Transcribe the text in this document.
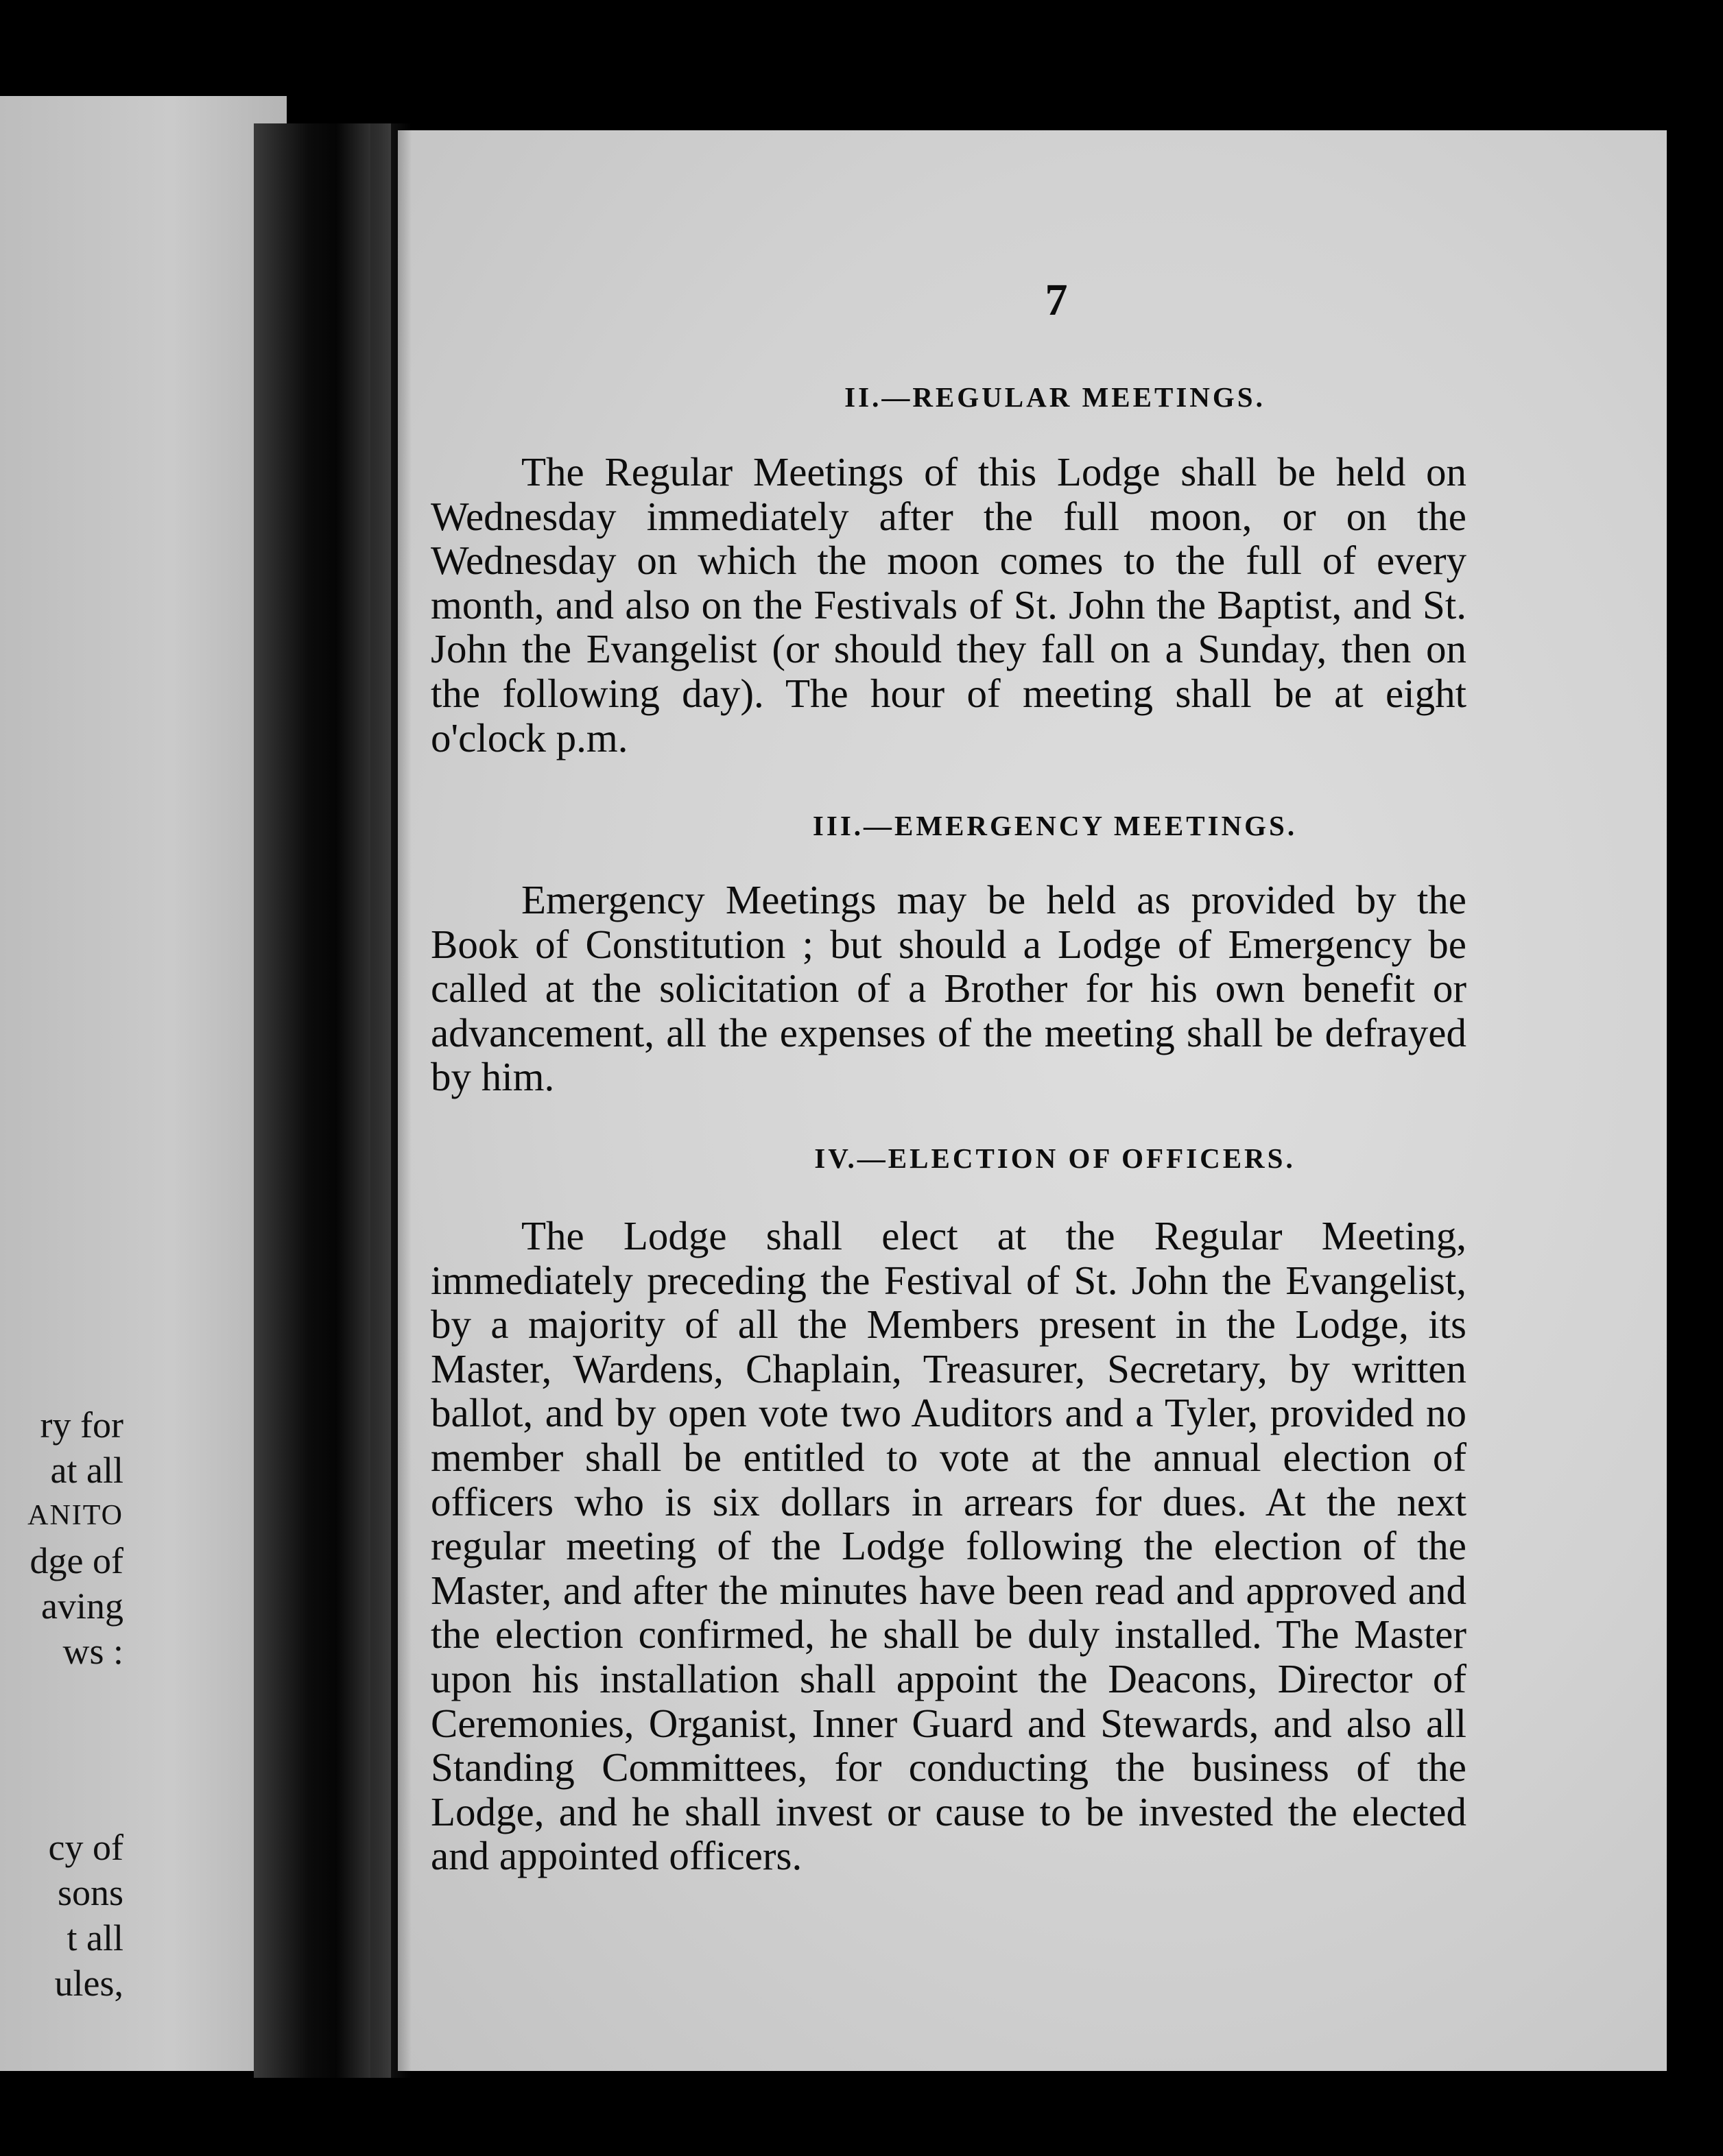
ry for
at all
ANITO
dge of
aving
ws :
cy of
sons
t all
ules,
7
II.—REGULAR MEETINGS.
The Regular Meetings of this Lodge shall be held on Wednesday immediately after the full moon, or on the Wednesday on which the moon comes to the full of every month, and also on the Festivals of St. John the Baptist, and St. John the Evangelist (or should they fall on a Sunday, then on the following day). The hour of meeting shall be at eight o'clock p.m.
III.—EMERGENCY MEETINGS.
Emergency Meetings may be held as provided by the Book of Constitution ; but should a Lodge of Emergency be called at the solicitation of a Brother for his own benefit or advancement, all the expenses of the meeting shall be defrayed by him.
IV.—ELECTION OF OFFICERS.
The Lodge shall elect at the Regular Meeting, immediately preceding the Festival of St. John the Evangelist, by a majority of all the Members present in the Lodge, its Master, Wardens, Chaplain, Treasurer, Secretary, by written ballot, and by open vote two Auditors and a Tyler, provided no member shall be entitled to vote at the annual election of officers who is six dollars in arrears for dues. At the next regular meeting of the Lodge following the election of the Master, and after the minutes have been read and approved and the election confirmed, he shall be duly installed. The Master upon his installation shall appoint the Deacons, Director of Ceremonies, Organist, Inner Guard and Stewards, and also all Standing Committees, for conducting the business of the Lodge, and he shall invest or cause to be invested the elected and appointed officers.
